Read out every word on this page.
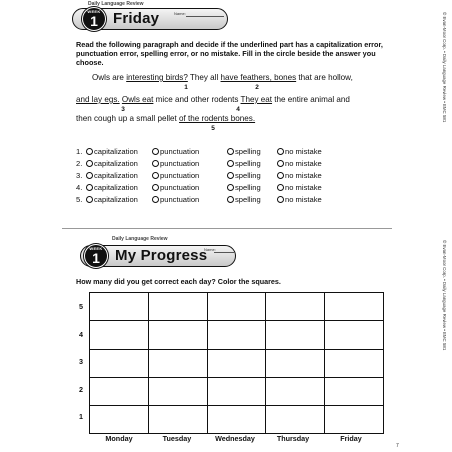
Daily Language Review
WEEK
1 Friday	Name:
Read the following paragraph and decide if the underlined part has a capitalization error, punctuation error, spelling error, or no mistake. Fill in the circle beside the answer you choose.
Owls are interesting birds? They all have feathers, bones that are hollow,
1	2
and lay egs. Owls eat mice and other rodents They eat the entire animal and
3	4
then cough up a small pellet of the rodents bones.
5
1.	capitalization	punctuation	spelling	no mistake
2.	capitalization	punctuation	spelling	no mistake
3.	capitalization	punctuation	spelling	no mistake
4.	capitalization	punctuation	spelling	no mistake
5.	capitalization	punctuation	spelling	no mistake
© Evan-Moor Corp. • Daily Language Review • EMC 581
Daily Language Review
WEEK
1 My Progress
Name:
How many did you get correct each day? Color the squares.
5
4
3
2
1

Monday	Tuesday	Wednesday	Thursday	Friday
© Evan-Moor Corp. • Daily Language Review • EMC 581
7
